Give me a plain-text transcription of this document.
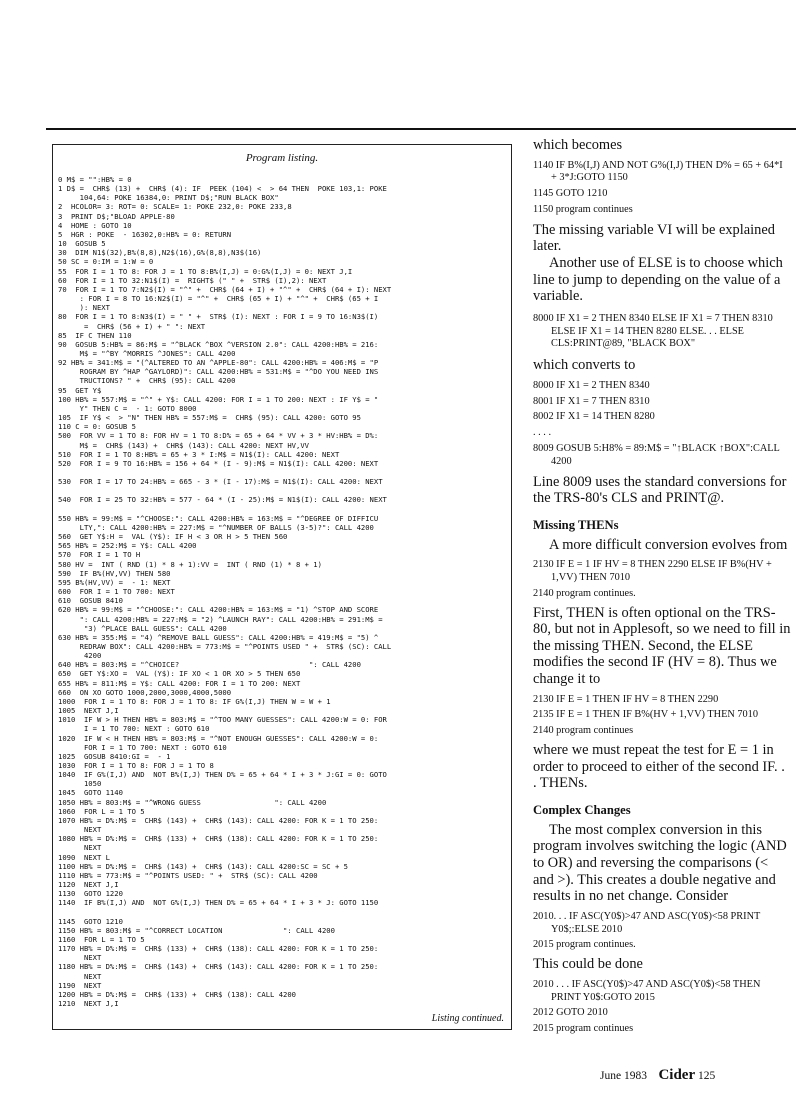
Program listing.
0 M$ = "":HB% = 0
1 D$ =  CHR$ (13) +  CHR$ (4): IF  PEEK (104) <  > 64 THEN  POKE 103,1: POKE
104,64: POKE 16384,0: PRINT D$;"RUN BLACK BOX"
2  HCOLOR= 3: ROT= 0: SCALE= 1: POKE 232,0: POKE 233,8
3  PRINT D$;"BLOAD APPLE-80
4  HOME : GOTO 10
5  HGR : POKE  - 16302,0:HB% = 0: RETURN
10  GOSUB 5
30  DIM N1$(32),B%(8,8),N2$(16),G%(8,8),N3$(16)
50 SC = 0:IM = 1:W = 0
55  FOR I = 1 TO 8: FOR J = 1 TO 8:B%(I,J) = 0:G%(I,J) = 0: NEXT J,I
60  FOR I = 1 TO 32:N1$(I) =  RIGHT$ (" " +  STR$ (I),2): NEXT
70  FOR I = 1 TO 7:N2$(I) = "^" +  CHR$ (64 + I) + "^" +  CHR$ (64 + I): NEXT
: FOR I = 8 TO 16:N2$(I) = "^" +  CHR$ (65 + I) + "^" +  CHR$ (65 + I
): NEXT
80  FOR I = 1 TO 8:N3$(I) = " " +  STR$ (I): NEXT : FOR I = 9 TO 16:N3$(I)
=  CHR$ (56 + I) + " ": NEXT
85  IF C THEN 110
90  GOSUB 5:HB% = 86:M$ = "^BLACK ^BOX ^VERSION 2.0": CALL 4200:HB% = 216:
M$ = "^BY ^MORRIS ^JONES": CALL 4200
92 HB% = 341:M$ = "(^ALTERED TO AN ^APPLE-80": CALL 4200:HB% = 406:M$ = "P
ROGRAM BY ^HAP ^GAYLORD)": CALL 4200:HB% = 531:M$ = "^DO YOU NEED INS
TRUCTIONS? " +  CHR$ (95): CALL 4200
95  GET Y$
100 HB% = 557:M$ = "^" + Y$: CALL 4200: FOR I = 1 TO 200: NEXT : IF Y$ = "
Y" THEN C =  - 1: GOTO 8000
105  IF Y$ <  > "N" THEN HB% = 557:M$ =  CHR$ (95): CALL 4200: GOTO 95
110 C = 0: GOSUB 5
500  FOR VV = 1 TO 8: FOR HV = 1 TO 8:D% = 65 + 64 * VV + 3 * HV:HB% = D%:
M$ =  CHR$ (143) +  CHR$ (143): CALL 4200: NEXT HV,VV
510  FOR I = 1 TO 8:HB% = 65 + 3 * I:M$ = N1$(I): CALL 4200: NEXT
520  FOR I = 9 TO 16:HB% = 156 + 64 * (I - 9):M$ = N1$(I): CALL 4200: NEXT

530  FOR I = 17 TO 24:HB% = 665 - 3 * (I - 17):M$ = N1$(I): CALL 4200: NEXT

540  FOR I = 25 TO 32:HB% = 577 - 64 * (I - 25):M$ = N1$(I): CALL 4200: NEXT

550 HB% = 99:M$ = "^CHOOSE:": CALL 4200:HB% = 163:M$ = "^DEGREE OF DIFFICU
LTY,": CALL 4200:HB% = 227:M$ = "^NUMBER OF BALLS (3-5)?": CALL 4200
560  GET Y$:H =  VAL (Y$): IF H < 3 OR H > 5 THEN 560
565 HB% = 252:M$ = Y$: CALL 4200
570  FOR I = 1 TO H
580 HV =  INT ( RND (1) * 8 + 1):VV =  INT ( RND (1) * 8 + 1)
590  IF B%(HV,VV) THEN 580
595 B%(HV,VV) =  - 1: NEXT
600  FOR I = 1 TO 700: NEXT
610  GOSUB 8410
620 HB% = 99:M$ = "^CHOOSE:": CALL 4200:HB% = 163:M$ = "1) ^STOP AND SCORE
": CALL 4200:HB% = 227:M$ = "2) ^LAUNCH RAY": CALL 4200:HB% = 291:M$ =
"3) ^PLACE BALL GUESS": CALL 4200
630 HB% = 355:M$ = "4) ^REMOVE BALL GUESS": CALL 4200:HB% = 419:M$ = "5) ^
REDRAW BOX": CALL 4200:HB% = 773:M$ = "^POINTS USED " +  STR$ (SC): CALL
4200
640 HB% = 803:M$ = "^CHOICE?                              ": CALL 4200
650  GET Y$:XO =  VAL (Y$): IF XO < 1 OR XO > 5 THEN 650
655 HB% = 811:M$ = Y$: CALL 4200: FOR I = 1 TO 200: NEXT
660  ON XO GOTO 1000,2000,3000,4000,5000
1000  FOR I = 1 TO 8: FOR J = 1 TO 8: IF G%(I,J) THEN W = W + 1
1005  NEXT J,I
1010  IF W > H THEN HB% = 803:M$ = "^TOO MANY GUESSES": CALL 4200:W = 0: FOR
I = 1 TO 700: NEXT : GOTO 610
1020  IF W < H THEN HB% = 803:M$ = "^NOT ENOUGH GUESSES": CALL 4200:W = 0:
FOR I = 1 TO 700: NEXT : GOTO 610
1025  GOSUB 8410:GI =  - 1
1030  FOR I = 1 TO 8: FOR J = 1 TO 8
1040  IF G%(I,J) AND  NOT B%(I,J) THEN D% = 65 + 64 * I + 3 * J:GI = 0: GOTO
1050
1045  GOTO 1140
1050 HB% = 803:M$ = "^WRONG GUESS                 ": CALL 4200
1060  FOR L = 1 TO 5
1070 HB% = D%:M$ =  CHR$ (143) +  CHR$ (143): CALL 4200: FOR K = 1 TO 250:
NEXT
1080 HB% = D%:M$ =  CHR$ (133) +  CHR$ (138): CALL 4200: FOR K = 1 TO 250:
NEXT
1090  NEXT L
1100 HB% = D%:M$ =  CHR$ (143) +  CHR$ (143): CALL 4200:SC = SC + 5
1110 HB% = 773:M$ = "^POINTS USED: " +  STR$ (SC): CALL 4200
1120  NEXT J,I
1130  GOTO 1220
1140  IF B%(I,J) AND  NOT G%(I,J) THEN D% = 65 + 64 * I + 3 * J: GOTO 1150

1145  GOTO 1210
1150 HB% = 803:M$ = "^CORRECT LOCATION              ": CALL 4200
1160  FOR L = 1 TO 5
1170 HB% = D%:M$ =  CHR$ (133) +  CHR$ (138): CALL 4200: FOR K = 1 TO 250:
NEXT
1180 HB% = D%:M$ =  CHR$ (143) +  CHR$ (143): CALL 4200: FOR K = 1 TO 250:
NEXT
1190  NEXT
1200 HB% = D%:M$ =  CHR$ (133) +  CHR$ (138): CALL 4200
1210  NEXT J,I
Listing continued.

which becomes

1140 IF B%(I,J) AND NOT G%(I,J) THEN D% = 65 + 64*I + 3*J:GOTO 1150

1145 GOTO 1210

1150 program continues

The missing variable VI will be explained later.

Another use of ELSE is to choose which line to jump to depending on the value of a variable.

8000 IF X1 = 2 THEN 8340 ELSE IF X1 = 7 THEN 8310 ELSE IF X1 = 14 THEN 8280 ELSE. . . ELSE CLS:PRINT@89, "BLACK BOX"

which converts to

8000 IF X1 = 2 THEN 8340

8001 IF X1 = 7 THEN 8310

8002 IF X1 = 14 THEN 8280

. . . .

8009 GOSUB 5:H8% = 89:M$ = "↑BLACK ↑BOX":CALL 4200

Line 8009 uses the standard conversions for the TRS-80's CLS and PRINT@.

Missing THENs

A more difficult conversion evolves from

2130 IF E = 1 IF HV = 8 THEN 2290 ELSE IF B%(HV + 1,VV) THEN 7010

2140 program continues.

First, THEN is often optional on the TRS-80, but not in Applesoft, so we need to fill in the missing THEN. Second, the ELSE modifies the second IF (HV = 8). Thus we change it to

2130 IF E = 1 THEN IF HV = 8 THEN 2290

2135 IF E = 1 THEN IF B%(HV + 1,VV) THEN 7010

2140 program continues

where we must repeat the test for E = 1 in order to proceed to either of the second IF. . . THENs.

Complex Changes

The most complex conversion in this program involves switching the logic (AND to OR) and reversing the comparisons (< and >). This creates a double negative and results in no net change. Consider

2010. . . IF ASC(Y0$)>47 AND ASC(Y0$)<58 PRINT Y0$;:ELSE 2010

2015 program continues.

This could be done

2010 . . . IF ASC(Y0$)>47 AND ASC(Y0$)<58 THEN PRINT Y0$:GOTO 2015

2012 GOTO 2010

2015 program continues

June 1983 Cider 125
